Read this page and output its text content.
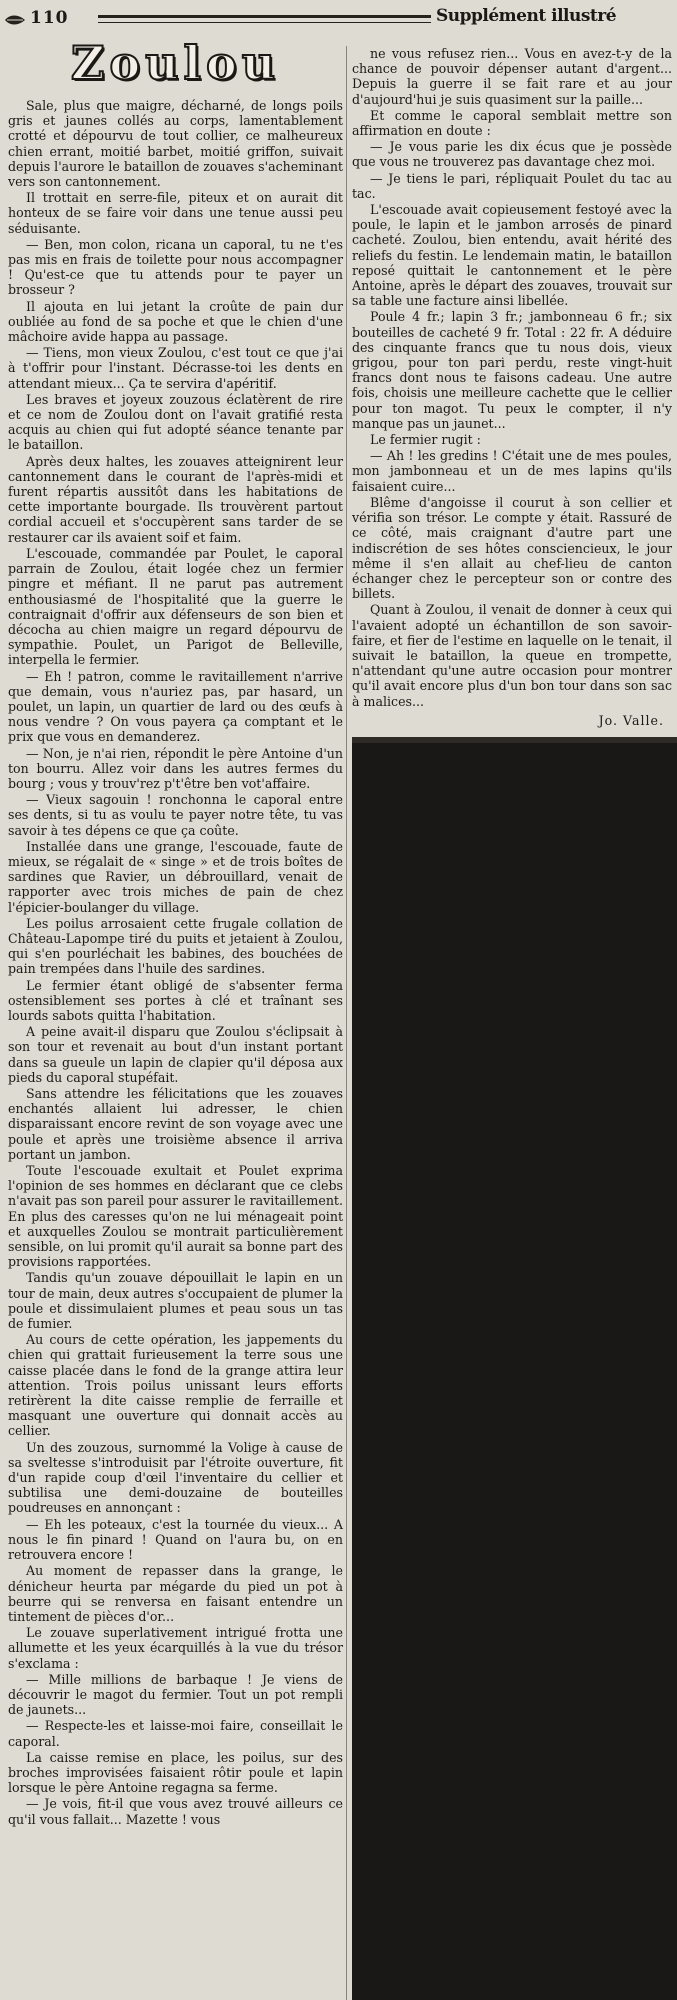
110	Supplément illustré
Zoulou

Sale, plus que maigre, décharné, de longs poils gris et jaunes collés au corps, lamentablement crotté et dépourvu de tout collier, ce malheureux chien errant, moitié barbet, moitié griffon, suivait depuis l'aurore le bataillon de zouaves s'acheminant vers son cantonnement.

Il trottait en serre-file, piteux et on aurait dit honteux de se faire voir dans une tenue aussi peu séduisante.

— Ben, mon colon, ricana un caporal, tu ne t'es pas mis en frais de toilette pour nous accompagner ! Qu'est-ce que tu attends pour te payer un brosseur ?

Il ajouta en lui jetant la croûte de pain dur oubliée au fond de sa poche et que le chien d'une mâchoire avide happa au passage.

— Tiens, mon vieux Zoulou, c'est tout ce que j'ai à t'offrir pour l'instant. Décrasse-toi les dents en attendant mieux... Ça te servira d'apéritif.

Les braves et joyeux zouzous éclatèrent de rire et ce nom de Zoulou dont on l'avait gratifié resta acquis au chien qui fut adopté séance tenante par le bataillon.

Après deux haltes, les zouaves atteignirent leur cantonnement dans le courant de l'après-midi et furent répartis aussitôt dans les habitations de cette importante bourgade. Ils trouvèrent partout cordial accueil et s'occupèrent sans tarder de se restaurer car ils avaient soif et faim.

L'escouade, commandée par Poulet, le caporal parrain de Zoulou, était logée chez un fermier pingre et méfiant. Il ne parut pas autrement enthousiasmé de l'hospitalité que la guerre le contraignait d'offrir aux défenseurs de son bien et décocha au chien maigre un regard dépourvu de sympathie. Poulet, un Parigot de Belleville, interpella le fermier.

— Eh ! patron, comme le ravitaillement n'arrive que demain, vous n'auriez pas, par hasard, un poulet, un lapin, un quartier de lard ou des œufs à nous vendre ? On vous payera ça comptant et le prix que vous en demanderez.

— Non, je n'ai rien, répondit le père Antoine d'un ton bourru. Allez voir dans les autres fermes du bourg ; vous y trouv'rez p't'être ben vot'affaire.

— Vieux sagouin ! ronchonna le caporal entre ses dents, si tu as voulu te payer notre tête, tu vas savoir à tes dépens ce que ça coûte.

Installée dans une grange, l'escouade, faute de mieux, se régalait de « singe » et de trois boîtes de sardines que Ravier, un débrouillard, venait de rapporter avec trois miches de pain de chez l'épicier-boulanger du village.

Les poilus arrosaient cette frugale collation de Château-Lapompe tiré du puits et jetaient à Zoulou, qui s'en pourléchait les babines, des bouchées de pain trempées dans l'huile des sardines.

Le fermier étant obligé de s'absenter ferma ostensiblement ses portes à clé et traînant ses lourds sabots quitta l'habitation.

A peine avait-il disparu que Zoulou s'éclipsait à son tour et revenait au bout d'un instant portant dans sa gueule un lapin de clapier qu'il déposa aux pieds du caporal stupéfait.

Sans attendre les félicitations que les zouaves enchantés allaient lui adresser, le chien disparaissant encore revint de son voyage avec une poule et après une troisième absence il arriva portant un jambon.

Toute l'escouade exultait et Poulet exprima l'opinion de ses hommes en déclarant que ce clebs n'avait pas son pareil pour assurer le ravitaillement. En plus des caresses qu'on ne lui ménageait point et auxquelles Zoulou se montrait particulièrement sensible, on lui promit qu'il aurait sa bonne part des provisions rapportées.

Tandis qu'un zouave dépouillait le lapin en un tour de main, deux autres s'occupaient de plumer la poule et dissimulaient plumes et peau sous un tas de fumier.

Au cours de cette opération, les jappements du chien qui grattait furieusement la terre sous une caisse placée dans le fond de la grange attira leur attention. Trois poilus unissant leurs efforts retirèrent la dite caisse remplie de ferraille et masquant une ouverture qui donnait accès au cellier.

Un des zouzous, surnommé la Volige à cause de sa sveltesse s'introduisit par l'étroite ouverture, fit d'un rapide coup d'œil l'inventaire du cellier et subtilisa une demi-douzaine de bouteilles poudreuses en annonçant :

— Eh les poteaux, c'est la tournée du vieux... A nous le fin pinard ! Quand on l'aura bu, on en retrouvera encore !

Au moment de repasser dans la grange, le dénicheur heurta par mégarde du pied un pot à beurre qui se renversa en faisant entendre un tintement de pièces d'or...

Le zouave superlativement intrigué frotta une allumette et les yeux écarquillés à la vue du trésor s'exclama :

— Mille millions de barbaque ! Je viens de découvrir le magot du fermier. Tout un pot rempli de jaunets...

— Respecte-les et laisse-moi faire, conseillait le caporal.

La caisse remise en place, les poilus, sur des broches improvisées faisaient rôtir poule et lapin lorsque le père Antoine regagna sa ferme.

— Je vois, fit-il que vous avez trouvé ailleurs ce qu'il vous fallait... Mazette ! vous

ne vous refusez rien... Vous en avez-t-y de la chance de pouvoir dépenser autant d'argent... Depuis la guerre il se fait rare et au jour d'aujourd'hui je suis quasiment sur la paille...

Et comme le caporal semblait mettre son affirmation en doute :

— Je vous parie les dix écus que je possède que vous ne trouverez pas davantage chez moi.

— Je tiens le pari, répliquait Poulet du tac au tac.

L'escouade avait copieusement festoyé avec la poule, le lapin et le jambon arrosés de pinard cacheté. Zoulou, bien entendu, avait hérité des reliefs du festin. Le lendemain matin, le bataillon reposé quittait le cantonnement et le père Antoine, après le départ des zouaves, trouvait sur sa table une facture ainsi libellée.

Poule 4 fr.; lapin 3 fr.; jambonneau 6 fr.; six bouteilles de cacheté 9 fr. Total : 22 fr. A déduire des cinquante francs que tu nous dois, vieux grigou, pour ton pari perdu, reste vingt-huit francs dont nous te faisons cadeau. Une autre fois, choisis une meilleure cachette que le cellier pour ton magot. Tu peux le compter, il n'y manque pas un jaunet...

Le fermier rugit :

— Ah ! les gredins ! C'était une de mes poules, mon jambonneau et un de mes lapins qu'ils faisaient cuire...

Blême d'angoisse il courut à son cellier et vérifia son trésor. Le compte y était. Rassuré de ce côté, mais craignant d'autre part une indiscrétion de ses hôtes consciencieux, le jour même il s'en allait au chef-lieu de canton échanger chez le percepteur son or contre des billets.

Quant à Zoulou, il venait de donner à ceux qui l'avaient adopté un échantillon de son savoir-faire, et fier de l'estime en laquelle on le tenait, il suivait le bataillon, la queue en trompette, n'attendant qu'une autre occasion pour montrer qu'il avait encore plus d'un bon tour dans son sac à malices...

Jo. Valle.
